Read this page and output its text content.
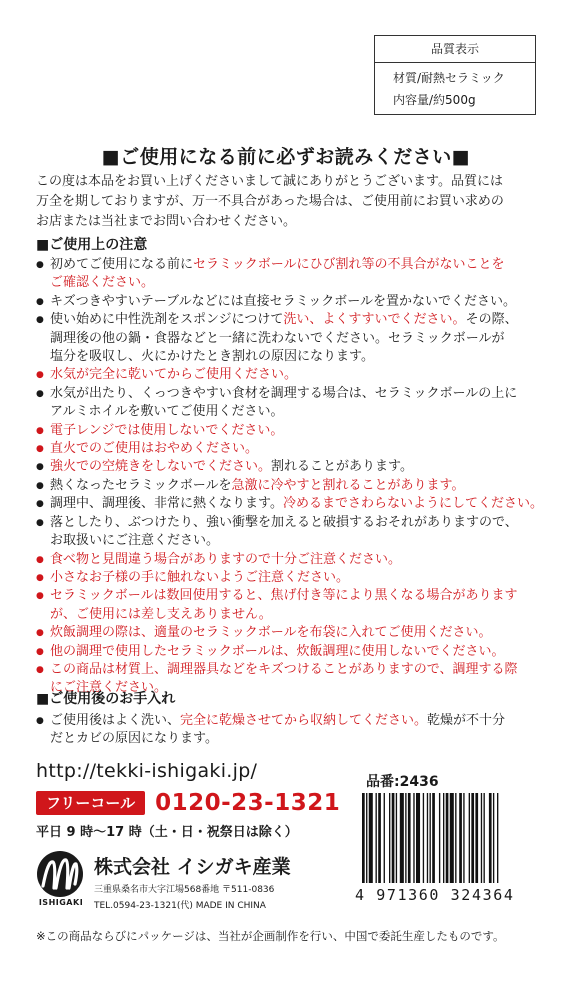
品質表示
材質/耐熱セラミック
内容量/約500g
■ご使用になる前に必ずお読みください■
この度は本品をお買い上げくださいまして誠にありがとうございます。品質には
万全を期しておりますが、万一不具合があった場合は、ご使用前にお買い求めの
お店または当社までお問い合わせください。
■ご使用上の注意
● 初めてご使用になる前にセラミックボールにひび割れ等の不具合がないことを
ご確認ください。
● キズつきやすいテーブルなどには直接セラミックボールを置かないでください。
● 使い始めに中性洗剤をスポンジにつけて洗い、よくすすいでください。その際、
調理後の他の鍋・食器などと一緒に洗わないでください。セラミックボールが
塩分を吸収し、火にかけたとき割れの原因になります。
● 水気が完全に乾いてからご使用ください。
● 水気が出たり、くっつきやすい食材を調理する場合は、セラミックボールの上に
アルミホイルを敷いてご使用ください。
● 電子レンジでは使用しないでください。
● 直火でのご使用はおやめください。
● 強火での空焼きをしないでください。割れることがあります。
● 熱くなったセラミックボールを急激に冷やすと割れることがあります。
● 調理中、調理後、非常に熱くなります。冷めるまでさわらないようにしてください。
● 落としたり、ぶつけたり、強い衝撃を加えると破損するおそれがありますので、
お取扱いにご注意ください。
● 食べ物と見間違う場合がありますので十分ご注意ください。
● 小さなお子様の手に触れないようご注意ください。
● セラミックボールは数回使用すると、焦げ付き等により黒くなる場合があります
が、ご使用には差し支えありません。
● 炊飯調理の際は、適量のセラミックボールを布袋に入れてご使用ください。
● 他の調理で使用したセラミックボールは、炊飯調理に使用しないでください。
● この商品は材質上、調理器具などをキズつけることがありますので、調理する際
にご注意ください。
■ご使用後のお手入れ
● ご使用後はよく洗い、完全に乾燥させてから収納してください。乾燥が不十分
だとカビの原因になります。
http://tekki-ishigaki.jp/
フリーコール 0120-23-1321
平日 9 時～17 時（土・日・祝祭日は除く）
ISHIGAKI
株式会社 イシガキ産業
三重県桑名市大字江場568番地 〒511-0836
TEL.0594-23-1321(代) MADE IN CHINA
品番:2436
4 971360 324364
※この商品ならびにパッケージは、当社が企画制作を行い、中国で委託生産したものです。
